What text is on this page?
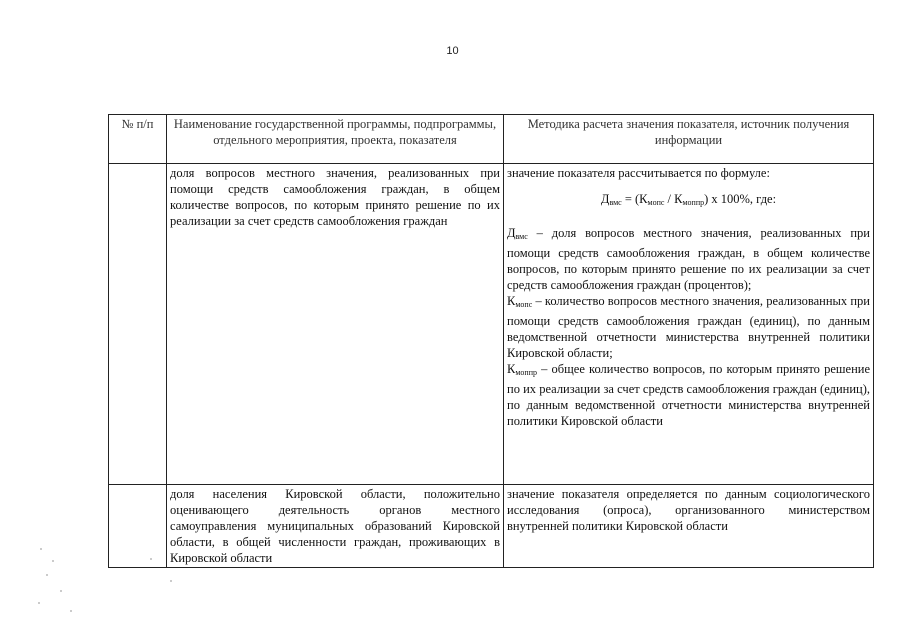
10
№ п/п	Наименование государственной программы, подпрограммы, отдельного мероприятия, проекта, показателя	Методика расчета значения показателя, источник получения информации
	доля вопросов местного значения, реализованных при помощи средств самообложения граждан, в общем количестве вопросов, по которым принято решение по их реализации за счет средств самообложения граждан	значение показателя рассчитывается по формуле:
$Д_{вмс} = (К_{мопс} / К_{моппр})$ x 100%, где:
$Д_{вмс}$ – доля вопросов местного значения, реализованных при помощи средств самообложения граждан, в общем количестве вопросов, по которым принято решение по их реализации за счет средств самообложения граждан (процентов);
$К_{мопс}$ – количество вопросов местного значения, реализованных при помощи средств самообложения граждан (единиц), по данным ведомственной отчетности министерства внутренней политики Кировской области;
$К_{моппр}$ – общее количество вопросов, по которым принято решение по их реализации за счет средств самообложения граждан (единиц), по данным ведомственной отчетности министерства внутренней политики Кировской области

	доля населения Кировской области, положительно оценивающего деятельность органов местного самоуправления муниципальных образований Кировской области, в общей численности граждан, проживающих в Кировской области	значение показателя определяется по данным социологического исследования (опроса), организованного министерством внутренней политики Кировской области
